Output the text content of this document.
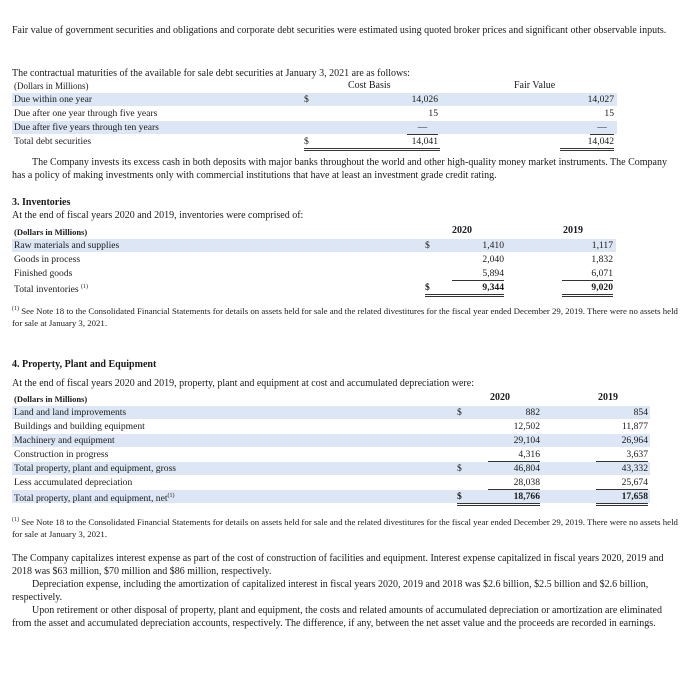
Fair value of government securities and obligations and corporate debt securities were estimated using quoted broker prices and significant other observable inputs.
The contractual maturities of the available for sale debt securities at January 3, 2021 are as follows:
(Dollars in Millions)	Cost Basis	Fair Value
Due within one year	$	14,026	14,027
Due after one year through five years	15	15
Due after five years through ten years	—	—
Total debt securities	$	14,041	14,042
The Company invests its excess cash in both deposits with major banks throughout the world and other high-quality money market instruments. The Company has a policy of making investments only with commercial institutions that have at least an investment grade credit rating.
3. Inventories
At the end of fiscal years 2020 and 2019, inventories were comprised of:
(Dollars in Millions)	2020	2019
Raw materials and supplies	$	1,410	1,117
Goods in process	2,040	1,832
Finished goods	5,894	6,071
Total inventories $^{(1)}$	$	9,344	9,020
$^{(1)}$ See Note 18 to the Consolidated Financial Statements for details on assets held for sale and the related divestitures for the fiscal year ended December 29, 2019. There were no assets held for sale at January 3, 2021.
4. Property, Plant and Equipment
At the end of fiscal years 2020 and 2019, property, plant and equipment at cost and accumulated depreciation were:
(Dollars in Millions)	2020	2019
Land and land improvements	$	882	854
Buildings and building equipment	12,502	11,877
Machinery and equipment	29,104	26,964
Construction in progress	4,316	3,637
Total property, plant and equipment, gross	$	46,804	43,332
Less accumulated depreciation	28,038	25,674
Total property, plant and equipment, net$^{(1)}$	$	18,766	17,658
$^{(1)}$ See Note 18 to the Consolidated Financial Statements for details on assets held for sale and the related divestitures for the fiscal year ended December 29, 2019. There were no assets held for sale at January 3, 2021.
The Company capitalizes interest expense as part of the cost of construction of facilities and equipment. Interest expense capitalized in fiscal years 2020, 2019 and 2018 was $63 million, $70 million and $86 million, respectively.
Depreciation expense, including the amortization of capitalized interest in fiscal years 2020, 2019 and 2018 was $2.6 billion, $2.5 billion and $2.6 billion, respectively.
Upon retirement or other disposal of property, plant and equipment, the costs and related amounts of accumulated depreciation or amortization are eliminated from the asset and accumulated depreciation accounts, respectively. The difference, if any, between the net asset value and the proceeds are recorded in earnings.
